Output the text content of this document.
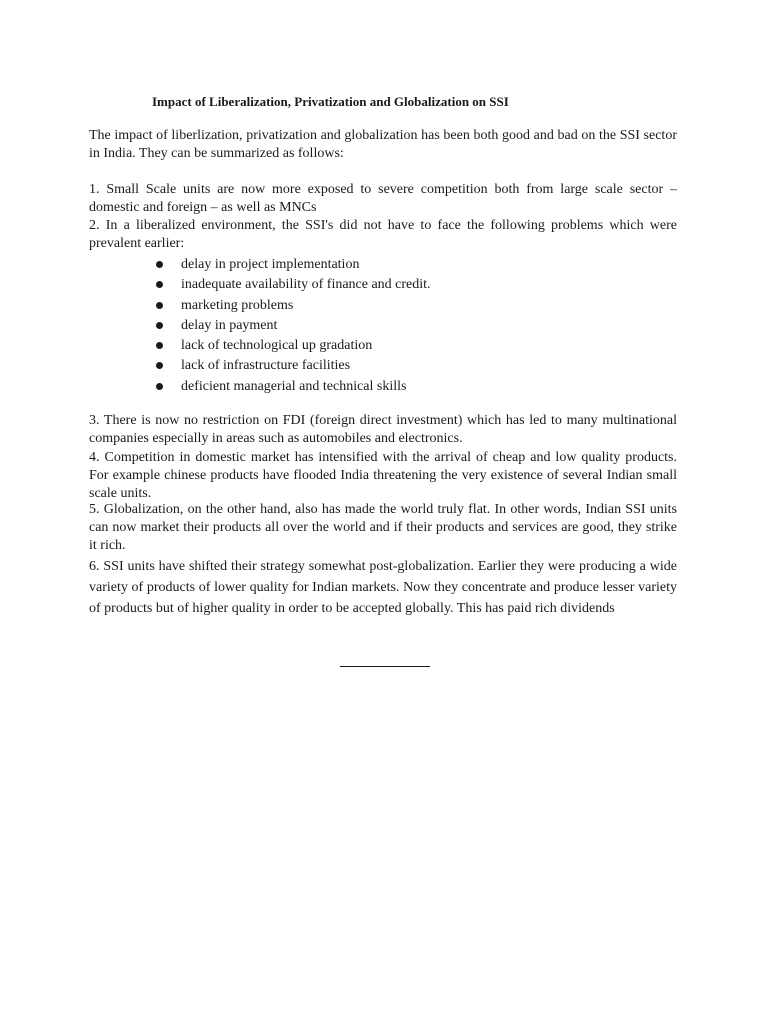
Impact of Liberalization, Privatization and Globalization on SSI

The impact of liberlization, privatization and globalization has been both good and bad on the SSI sector in India. They can be summarized as follows:

1. Small Scale units are now more exposed to severe competition both from large scale sector – domestic and foreign – as well as MNCs

2. In a liberalized environment, the SSI's did not have to face the following problems which were prevalent earlier:

delay in project implementation
inadequate availability of finance and credit.
marketing problems
delay in payment
lack of technological up gradation
lack of infrastructure facilities
deficient managerial and technical skills

3. There is now no restriction on FDI (foreign direct investment) which has led to many multinational companies especially in areas such as automobiles and electronics.

4. Competition in domestic market has intensified with the arrival of cheap and low quality products. For example chinese products have flooded India threatening the very existence of several Indian small scale units.

5. Globalization, on the other hand, also has made the world truly flat. In other words, Indian SSI units can now market their products all over the world and if their products and services are good, they strike it rich.

6. SSI units have shifted their strategy somewhat post-globalization. Earlier they were producing a wide variety of products of lower quality for Indian markets. Now they concentrate and produce lesser variety of products but of higher quality in order to be accepted globally. This has paid rich dividends
